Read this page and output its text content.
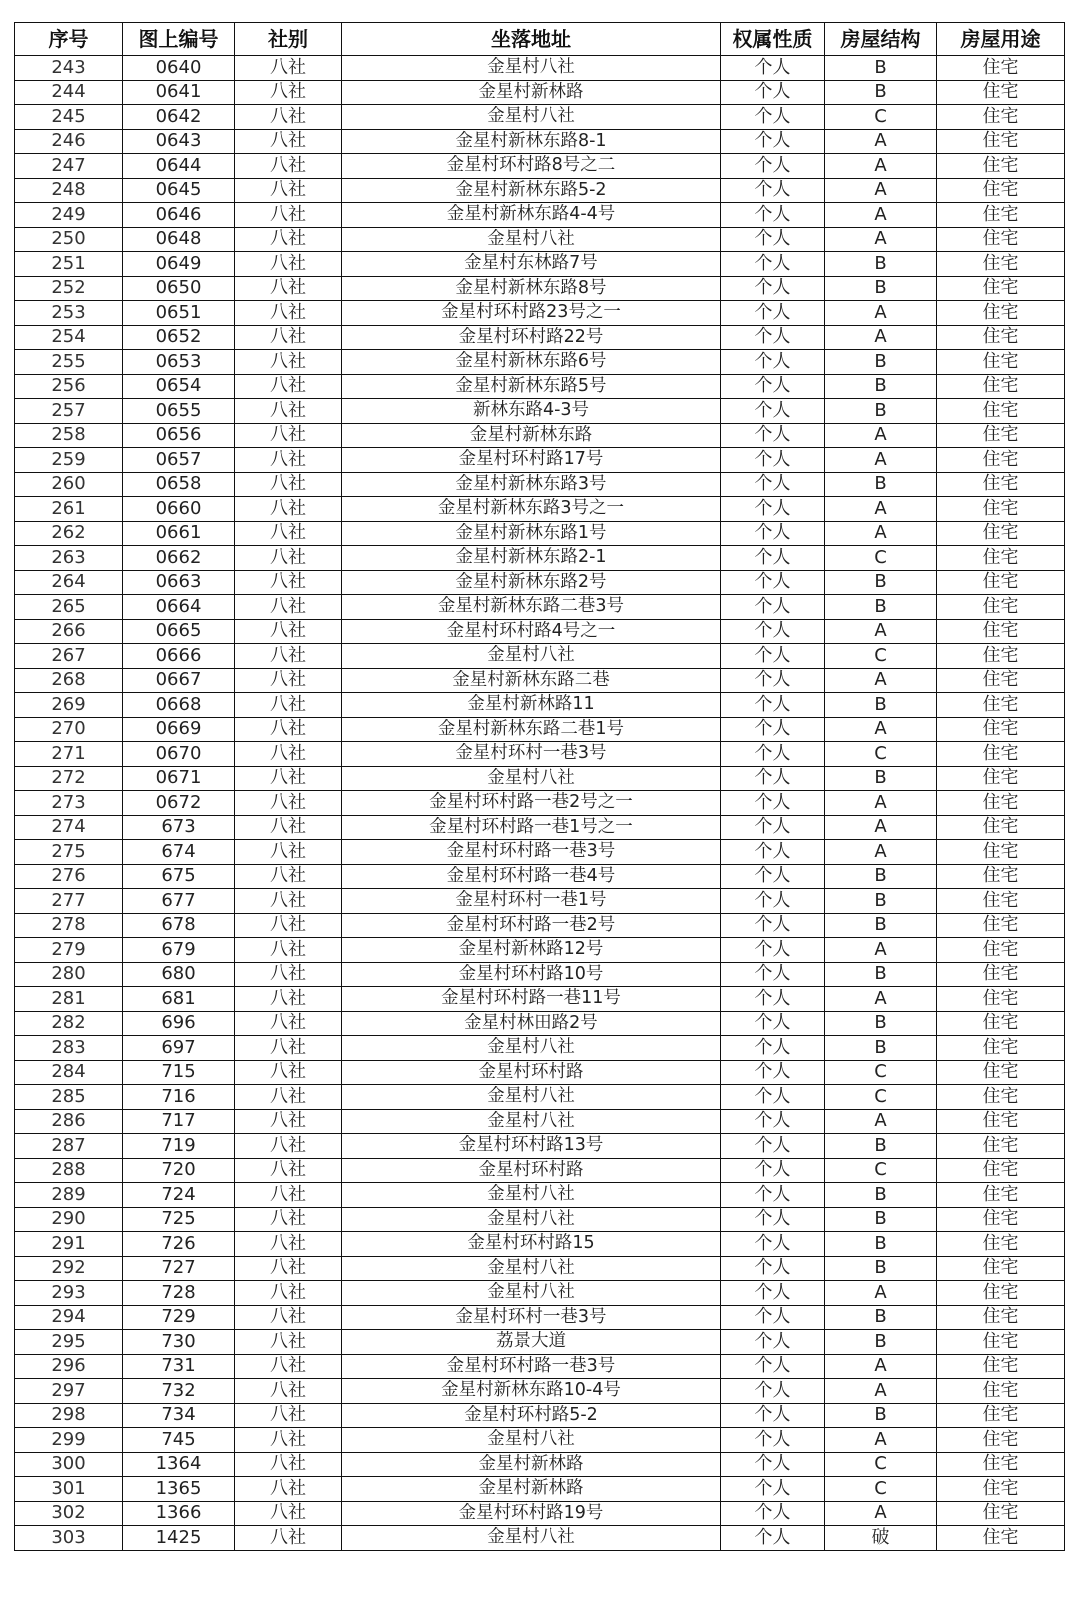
序号	图上编号	社别	坐落地址	权属性质	房屋结构	房屋用途
243	0640	八社	金星村八社	个人	B	住宅
244	0641	八社	金星村新林路	个人	B	住宅
245	0642	八社	金星村八社	个人	C	住宅
246	0643	八社	金星村新林东路8-1	个人	A	住宅
247	0644	八社	金星村环村路8号之二	个人	A	住宅
248	0645	八社	金星村新林东路5-2	个人	A	住宅
249	0646	八社	金星村新林东路4-4号	个人	A	住宅
250	0648	八社	金星村八社	个人	A	住宅
251	0649	八社	金星村东林路7号	个人	B	住宅
252	0650	八社	金星村新林东路8号	个人	B	住宅
253	0651	八社	金星村环村路23号之一	个人	A	住宅
254	0652	八社	金星村环村路22号	个人	A	住宅
255	0653	八社	金星村新林东路6号	个人	B	住宅
256	0654	八社	金星村新林东路5号	个人	B	住宅
257	0655	八社	新林东路4-3号	个人	B	住宅
258	0656	八社	金星村新林东路	个人	A	住宅
259	0657	八社	金星村环村路17号	个人	A	住宅
260	0658	八社	金星村新林东路3号	个人	B	住宅
261	0660	八社	金星村新林东路3号之一	个人	A	住宅
262	0661	八社	金星村新林东路1号	个人	A	住宅
263	0662	八社	金星村新林东路2-1	个人	C	住宅
264	0663	八社	金星村新林东路2号	个人	B	住宅
265	0664	八社	金星村新林东路二巷3号	个人	B	住宅
266	0665	八社	金星村环村路4号之一	个人	A	住宅
267	0666	八社	金星村八社	个人	C	住宅
268	0667	八社	金星村新林东路二巷	个人	A	住宅
269	0668	八社	金星村新林路11	个人	B	住宅
270	0669	八社	金星村新林东路二巷1号	个人	A	住宅
271	0670	八社	金星村环村一巷3号	个人	C	住宅
272	0671	八社	金星村八社	个人	B	住宅
273	0672	八社	金星村环村路一巷2号之一	个人	A	住宅
274	673	八社	金星村环村路一巷1号之一	个人	A	住宅
275	674	八社	金星村环村路一巷3号	个人	A	住宅
276	675	八社	金星村环村路一巷4号	个人	B	住宅
277	677	八社	金星村环村一巷1号	个人	B	住宅
278	678	八社	金星村环村路一巷2号	个人	B	住宅
279	679	八社	金星村新林路12号	个人	A	住宅
280	680	八社	金星村环村路10号	个人	B	住宅
281	681	八社	金星村环村路一巷11号	个人	A	住宅
282	696	八社	金星村林田路2号	个人	B	住宅
283	697	八社	金星村八社	个人	B	住宅
284	715	八社	金星村环村路	个人	C	住宅
285	716	八社	金星村八社	个人	C	住宅
286	717	八社	金星村八社	个人	A	住宅
287	719	八社	金星村环村路13号	个人	B	住宅
288	720	八社	金星村环村路	个人	C	住宅
289	724	八社	金星村八社	个人	B	住宅
290	725	八社	金星村八社	个人	B	住宅
291	726	八社	金星村环村路15	个人	B	住宅
292	727	八社	金星村八社	个人	B	住宅
293	728	八社	金星村八社	个人	A	住宅
294	729	八社	金星村环村一巷3号	个人	B	住宅
295	730	八社	荔景大道	个人	B	住宅
296	731	八社	金星村环村路一巷3号	个人	A	住宅
297	732	八社	金星村新林东路10-4号	个人	A	住宅
298	734	八社	金星村环村路5-2	个人	B	住宅
299	745	八社	金星村八社	个人	A	住宅
300	1364	八社	金星村新林路	个人	C	住宅
301	1365	八社	金星村新林路	个人	C	住宅
302	1366	八社	金星村环村路19号	个人	A	住宅
303	1425	八社	金星村八社	个人	破	住宅
